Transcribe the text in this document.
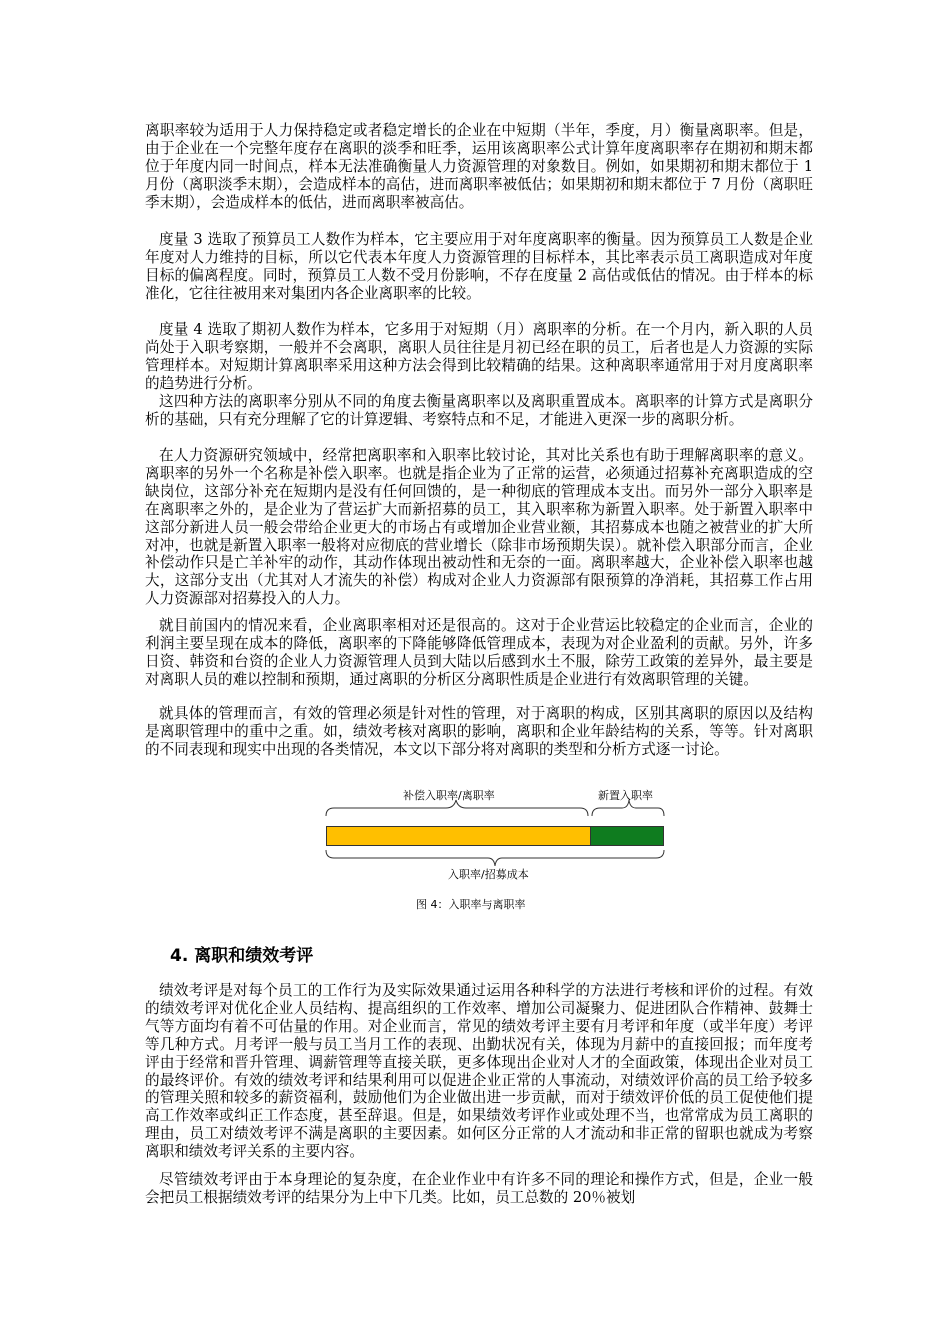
离职率较为适用于人力保持稳定或者稳定增长的企业在中短期（半年，季度，月）衡量离职率。但是，由于企业在一个完整年度存在离职的淡季和旺季，运用该离职率公式计算年度离职率存在期初和期末都位于年度内同一时间点，样本无法准确衡量人力资源管理的对象数目。例如，如果期初和期末都位于 1 月份（离职淡季末期），会造成样本的高估，进而离职率被低估；如果期初和期末都位于 7 月份（离职旺季末期），会造成样本的低估，进而离职率被高估。

度量 3 选取了预算员工人数作为样本，它主要应用于对年度离职率的衡量。因为预算员工人数是企业年度对人力维持的目标，所以它代表本年度人力资源管理的目标样本，其比率表示员工离职造成对年度目标的偏离程度。同时，预算员工人数不受月份影响，不存在度量 2 高估或低估的情况。由于样本的标准化，它往往被用来对集团内各企业离职率的比较。

度量 4 选取了期初人数作为样本，它多用于对短期（月）离职率的分析。在一个月内，新入职的人员尚处于入职考察期，一般并不会离职，离职人员往往是月初已经在职的员工，后者也是人力资源的实际管理样本。对短期计算离职率采用这种方法会得到比较精确的结果。这种离职率通常用于对月度离职率的趋势进行分析。

这四种方法的离职率分别从不同的角度去衡量离职率以及离职重置成本。离职率的计算方式是离职分析的基础，只有充分理解了它的计算逻辑、考察特点和不足，才能进入更深一步的离职分析。

在人力资源研究领域中，经常把离职率和入职率比较讨论，其对比关系也有助于理解离职率的意义。离职率的另外一个名称是补偿入职率。也就是指企业为了正常的运营，必须通过招募补充离职造成的空缺岗位，这部分补充在短期内是没有任何回馈的，是一种彻底的管理成本支出。而另外一部分入职率是在离职率之外的，是企业为了营运扩大而新招募的员工，其入职率称为新置入职率。处于新置入职率中这部分新进人员一般会带给企业更大的市场占有或增加企业营业额，其招募成本也随之被营业的扩大所对冲，也就是新置入职率一般将对应彻底的营业增长（除非市场预期失误）。就补偿入职部分而言，企业补偿动作只是亡羊补牢的动作，其动作体现出被动性和无奈的一面。离职率越大，企业补偿入职率也越大，这部分支出（尤其对人才流失的补偿）构成对企业人力资源部有限预算的净消耗，其招募工作占用人力资源部对招募投入的人力。

就目前国内的情况来看，企业离职率相对还是很高的。这对于企业营运比较稳定的企业而言，企业的利润主要呈现在成本的降低，离职率的下降能够降低管理成本，表现为对企业盈利的贡献。另外，许多日资、韩资和台资的企业人力资源管理人员到大陆以后感到水土不服，除劳工政策的差异外，最主要是对离职人员的难以控制和预期，通过离职的分析区分离职性质是企业进行有效离职管理的关键。

就具体的管理而言，有效的管理必须是针对性的管理，对于离职的构成，区别其离职的原因以及结构是离职管理中的重中之重。如，绩效考核对离职的影响，离职和企业年龄结构的关系，等等。针对离职的不同表现和现实中出现的各类情况，本文以下部分将对离职的类型和分析方式逐一讨论。

补偿入职率/离职率	新置入职率
入职率/招募成本
图 4：入职率与离职率
4. 离职和绩效考评

绩效考评是对每个员工的工作行为及实际效果通过运用各种科学的方法进行考核和评价的过程。有效的绩效考评对优化企业人员结构、提高组织的工作效率、增加公司凝聚力、促进团队合作精神、鼓舞士气等方面均有着不可估量的作用。对企业而言，常见的绩效考评主要有月考评和年度（或半年度）考评等几种方式。月考评一般与员工当月工作的表现、出勤状况有关，体现为月薪中的直接回报；而年度考评由于经常和晋升管理、调薪管理等直接关联，更多体现出企业对人才的全面政策，体现出企业对员工的最终评价。有效的绩效考评和结果利用可以促进企业正常的人事流动，对绩效评价高的员工给予较多的管理关照和较多的薪资福利，鼓励他们为企业做出进一步贡献，而对于绩效评价低的员工促使他们提高工作效率或纠正工作态度，甚至辞退。但是，如果绩效考评作业或处理不当，也常常成为员工离职的理由，员工对绩效考评不满是离职的主要因素。如何区分正常的人才流动和非正常的留职也就成为考察离职和绩效考评关系的主要内容。

尽管绩效考评由于本身理论的复杂度，在企业作业中有许多不同的理论和操作方式，但是，企业一般会把员工根据绩效考评的结果分为上中下几类。比如，员工总数的 20％被划
